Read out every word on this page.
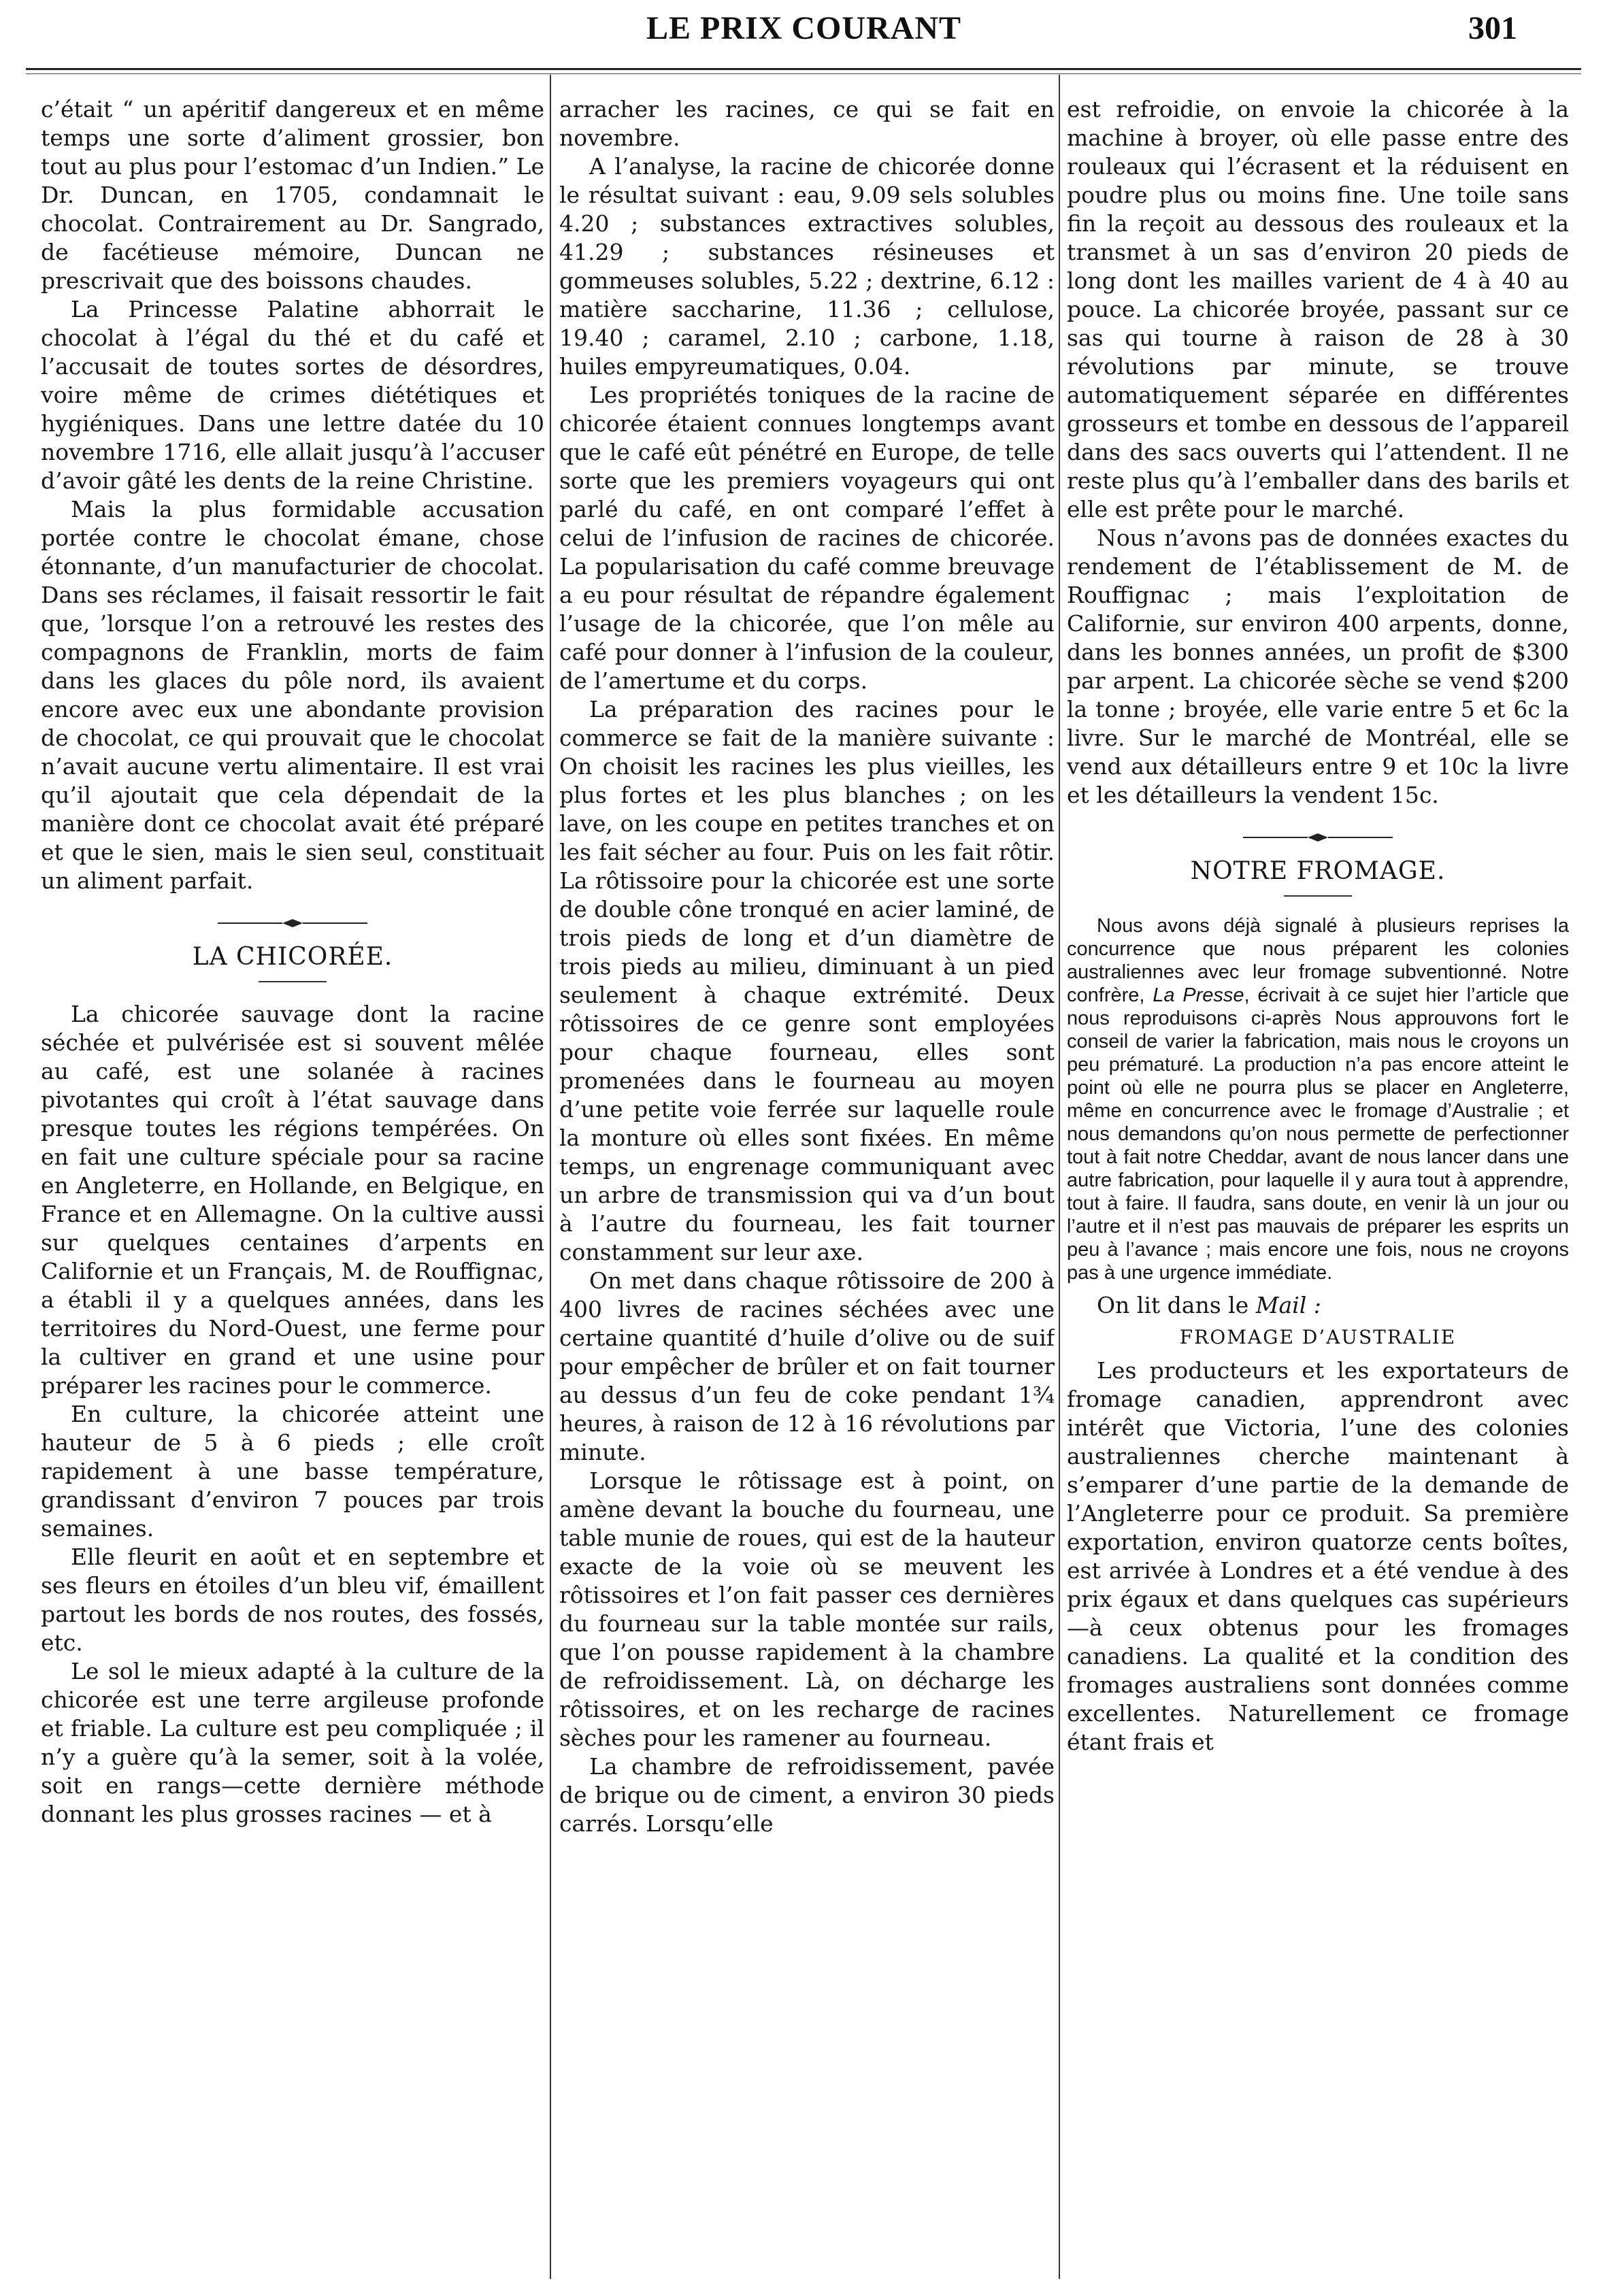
LE PRIX COURANT	301

c’était “ un apéritif dangereux et en même temps une sorte d’aliment grossier, bon tout au plus pour l’estomac d’un Indien.” Le Dr. Duncan, en 1705, condamnait le chocolat. Contrairement au Dr. Sangrado, de facétieuse mémoire, Duncan ne prescrivait que des boissons chaudes.

La Princesse Palatine abhorrait le chocolat à l’égal du thé et du café et l’accusait de toutes sortes de désordres, voire même de crimes diététiques et hygiéniques. Dans une lettre datée du 10 novembre 1716, elle allait jusqu’à l’accuser d’avoir gâté les dents de la reine Christine.

Mais la plus formidable accusation portée contre le chocolat émane, chose étonnante, d’un manufacturier de chocolat. Dans ses réclames, il faisait ressortir le fait que, ’lorsque l’on a retrouvé les restes des compagnons de Franklin, morts de faim dans les glaces du pôle nord, ils avaient encore avec eux une abondante provision de chocolat, ce qui prouvait que le chocolat n’avait aucune vertu alimentaire. Il est vrai qu’il ajoutait que cela dépendait de la manière dont ce chocolat avait été préparé et que le sien, mais le sien seul, constituait un aliment parfait.

LA CHICORÉE.

La chicorée sauvage dont la racine séchée et pulvérisée est si souvent mêlée au café, est une solanée à racines pivotantes qui croît à l’état sauvage dans presque toutes les régions tempérées. On en fait une culture spéciale pour sa racine en Angleterre, en Hollande, en Belgique, en France et en Allemagne. On la cultive aussi sur quelques centaines d’arpents en Californie et un Français, M. de Rouffignac, a établi il y a quelques années, dans les territoires du Nord-Ouest, une ferme pour la cultiver en grand et une usine pour préparer les racines pour le commerce.

En culture, la chicorée atteint une hauteur de 5 à 6 pieds ; elle croît rapidement à une basse température, grandissant d’environ 7 pouces par trois semaines.

Elle fleurit en août et en septembre et ses fleurs en étoiles d’un bleu vif, émaillent partout les bords de nos routes, des fossés, etc.

Le sol le mieux adapté à la culture de la chicorée est une terre argileuse profonde et friable. La culture est peu compliquée ; il n’y a guère qu’à la semer, soit à la volée, soit en rangs—cette dernière méthode donnant les plus grosses racines — et à

arracher les racines, ce qui se fait en novembre.

A l’analyse, la racine de chicorée donne le résultat suivant : eau, 9.09 sels solubles 4.20 ; substances extractives solubles, 41.29 ; substances résineuses et gommeuses solubles, 5.22 ; dextrine, 6.12 : matière saccharine, 11.36 ; cellulose, 19.40 ; caramel, 2.10 ; carbone, 1.18, huiles empyreumatiques, 0.04.

Les propriétés toniques de la racine de chicorée étaient connues longtemps avant que le café eût pénétré en Europe, de telle sorte que les premiers voyageurs qui ont parlé du café, en ont comparé l’effet à celui de l’infusion de racines de chicorée. La popularisation du café comme breuvage a eu pour résultat de répandre également l’usage de la chicorée, que l’on mêle au café pour donner à l’infusion de la couleur, de l’amertume et du corps.

La préparation des racines pour le commerce se fait de la manière suivante : On choisit les racines les plus vieilles, les plus fortes et les plus blanches ; on les lave, on les coupe en petites tranches et on les fait sécher au four. Puis on les fait rôtir. La rôtissoire pour la chicorée est une sorte de double cône tronqué en acier laminé, de trois pieds de long et d’un diamètre de trois pieds au milieu, diminuant à un pied seulement à chaque extrémité. Deux rôtissoires de ce genre sont employées pour chaque fourneau, elles sont promenées dans le fourneau au moyen d’une petite voie ferrée sur laquelle roule la monture où elles sont fixées. En même temps, un engrenage communiquant avec un arbre de transmission qui va d’un bout à l’autre du fourneau, les fait tourner constamment sur leur axe.

On met dans chaque rôtissoire de 200 à 400 livres de racines séchées avec une certaine quantité d’huile d’olive ou de suif pour empêcher de brûler et on fait tourner au dessus d’un feu de coke pendant 1¾ heures, à raison de 12 à 16 révolutions par minute.

Lorsque le rôtissage est à point, on amène devant la bouche du fourneau, une table munie de roues, qui est de la hauteur exacte de la voie où se meuvent les rôtissoires et l’on fait passer ces dernières du fourneau sur la table montée sur rails, que l’on pousse rapidement à la chambre de refroidissement. Là, on décharge les rôtissoires, et on les recharge de racines sèches pour les ramener au fourneau.

La chambre de refroidissement, pavée de brique ou de ciment, a environ 30 pieds carrés. Lorsqu’elle

est refroidie, on envoie la chicorée à la machine à broyer, où elle passe entre des rouleaux qui l’écrasent et la réduisent en poudre plus ou moins fine. Une toile sans fin la reçoit au dessous des rouleaux et la transmet à un sas d’environ 20 pieds de long dont les mailles varient de 4 à 40 au pouce. La chicorée broyée, passant sur ce sas qui tourne à raison de 28 à 30 révolutions par minute, se trouve automatiquement séparée en différentes grosseurs et tombe en dessous de l’appareil dans des sacs ouverts qui l’attendent. Il ne reste plus qu’à l’emballer dans des barils et elle est prête pour le marché.

Nous n’avons pas de données exactes du rendement de l’établissement de M. de Rouffignac ; mais l’exploitation de Californie, sur environ 400 arpents, donne, dans les bonnes années, un profit de $300 par arpent. La chicorée sèche se vend $200 la tonne ; broyée, elle varie entre 5 et 6c la livre. Sur le marché de Montréal, elle se vend aux détailleurs entre 9 et 10c la livre et les détailleurs la vendent 15c.

NOTRE FROMAGE.

Nous avons déjà signalé à plusieurs reprises la concurrence que nous préparent les colonies australiennes avec leur fromage subventionné. Notre confrère, La Presse, écrivait à ce sujet hier l’article que nous reproduisons ci-après Nous approuvons fort le conseil de varier la fabrication, mais nous le croyons un peu prématuré. La production n’a pas encore atteint le point où elle ne pourra plus se placer en Angleterre, même en concurrence avec le fromage d’Australie ; et nous demandons qu’on nous permette de perfectionner tout à fait notre Cheddar, avant de nous lancer dans une autre fabrication, pour laquelle il y aura tout à apprendre, tout à faire. Il faudra, sans doute, en venir là un jour ou l’autre et il n’est pas mauvais de préparer les esprits un peu à l’avance ; mais encore une fois, nous ne croyons pas à une urgence immédiate.

On lit dans le Mail :

FROMAGE D’AUSTRALIE

Les producteurs et les exportateurs de fromage canadien, apprendront avec intérêt que Victoria, l’une des colonies australiennes cherche maintenant à s’emparer d’une partie de la demande de l’Angleterre pour ce produit. Sa première exportation, environ quatorze cents boîtes, est arrivée à Londres et a été vendue à des prix égaux et dans quelques cas supérieurs—à ceux obtenus pour les fromages canadiens. La qualité et la condition des fromages australiens sont données comme excellentes. Naturellement ce fromage étant frais et
